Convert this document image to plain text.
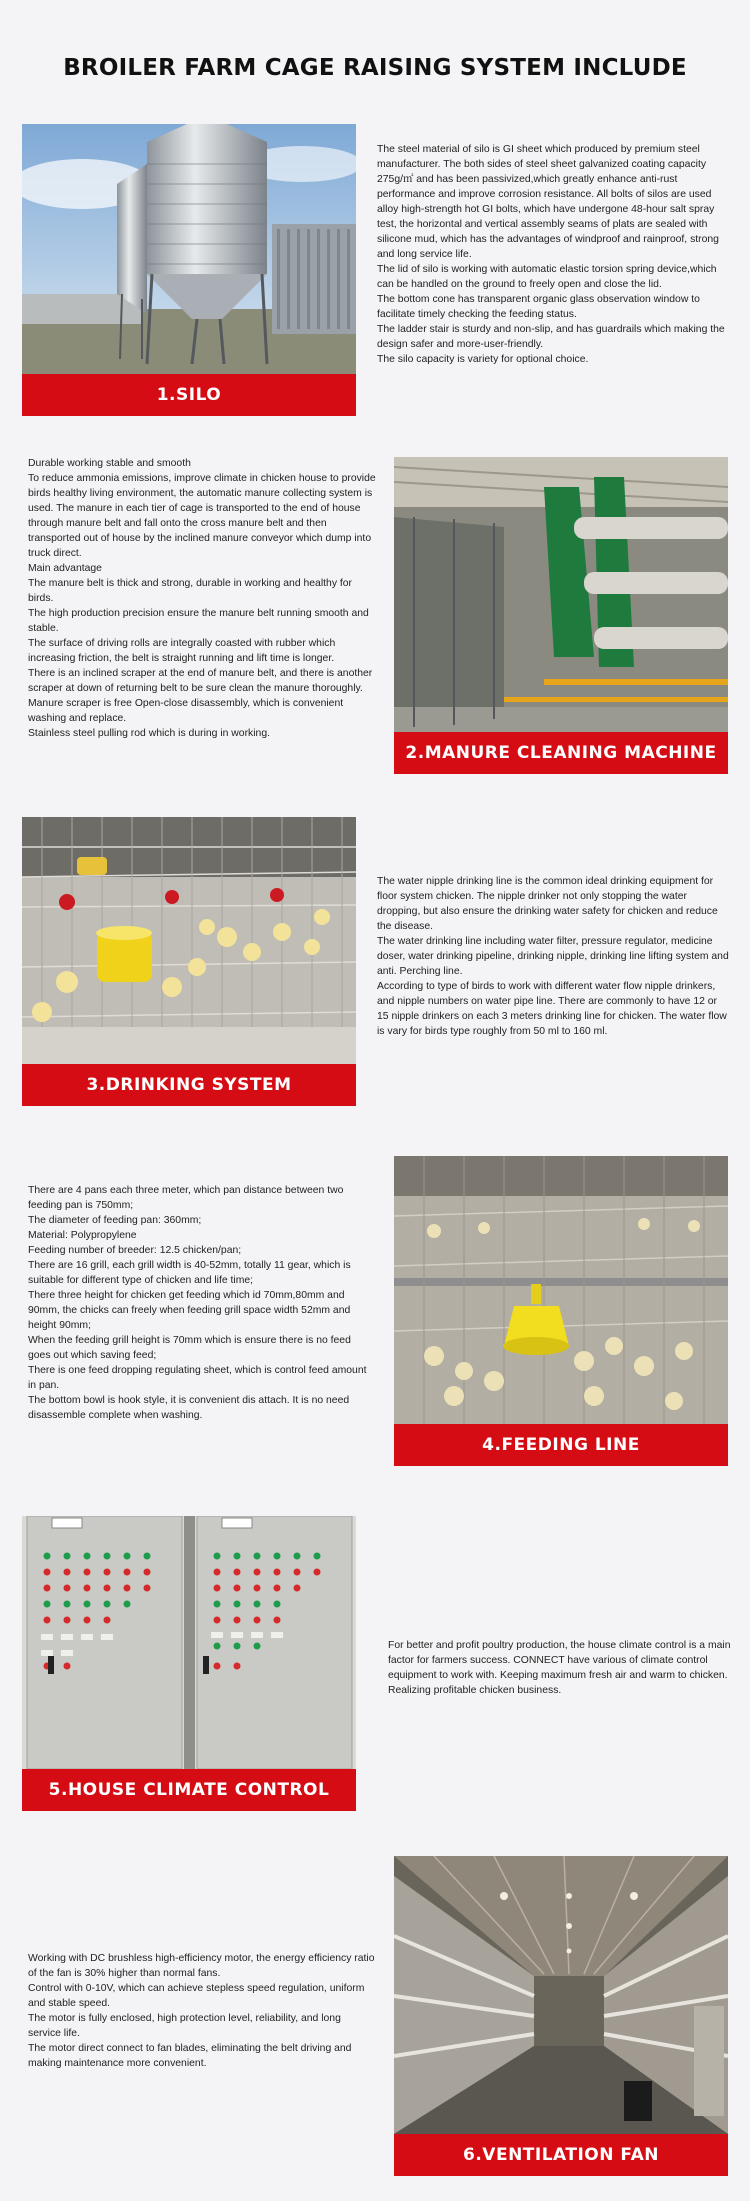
BROILER FARM CAGE RAISING SYSTEM INCLUDE
1.SILO

The steel material of silo is GI sheet which produced by premium steel manufacturer. The both sides of steel sheet galvanized coating capacity 275g/㎡ and has been passivized,which greatly enhance anti-rust performance and improve corrosion resistance. All bolts of silos are used alloy high-strength hot GI bolts, which have undergone 48-hour salt spray test, the horizontal and vertical assembly seams of plats are sealed with silicone mud, which has the advantages of windproof and rainproof, strong and long service life.

The lid of silo is working with automatic elastic torsion spring device,which can be handled on the ground to freely open and close the lid.

The bottom cone has transparent organic glass observation window to facilitate timely checking the feeding status.

The ladder stair is sturdy and non-slip, and has guardrails which making the design safer and more-user-friendly.

The silo capacity is variety for optional choice.

Durable working stable and smooth

To reduce ammonia emissions, improve climate in chicken house to provide birds healthy living environment, the automatic manure collecting system is used. The manure in each tier of cage is transported to the end of house through manure belt and fall onto the cross manure belt and then transported out of house by the inclined manure conveyor which dump into truck direct.

Main advantage

The manure belt is thick and strong, durable in working and healthy for birds.

The high production precision ensure the manure belt running smooth and stable.

The surface of driving rolls are integrally coasted with rubber which increasing friction, the belt is straight running and lift time is longer.

There is an inclined scraper at the end of manure belt, and there is another scraper at down of returning belt to be sure clean the manure thoroughly.

Manure scraper is free Open-close disassembly, which is convenient washing and replace.

Stainless steel pulling rod which is during in working.

2.MANURE CLEANING MACHINE
3.DRINKING SYSTEM

The water nipple drinking line is the common ideal drinking equipment for floor system chicken. The nipple drinker not only stopping the water dropping, but also ensure the drinking water safety for chicken and reduce the disease.

The water drinking line including water filter, pressure regulator, medicine doser, water drinking pipeline, drinking nipple, drinking line lifting system and anti. Perching line.

According to type of birds to work with different water flow nipple drinkers, and nipple numbers on water pipe line. There are commonly to have 12 or 15 nipple drinkers on each 3 meters drinking line for chicken. The water flow is vary for birds type roughly from 50 ml to 160 ml.

There are 4 pans each three meter, which pan distance between two feeding pan is 750mm;

The diameter of feeding pan: 360mm;

Material: Polypropylene

Feeding number of breeder: 12.5 chicken/pan;

There are 16 grill, each grill width is 40-52mm, totally 11 gear, which is suitable for different type of chicken and life time;

There three height for chicken get feeding which id 70mm,80mm and 90mm, the chicks can freely when feeding grill space width 52mm and height 90mm;

When the feeding grill height is 70mm which is ensure there is no feed goes out which saving feed;

There is one feed dropping regulating sheet, which is control feed amount in pan.

The bottom bowl is hook style, it is convenient dis attach. It is no need disassemble complete when washing.

4.FEEDING LINE
5.HOUSE CLIMATE CONTROL

For better and profit poultry production, the house climate control is a main factor for farmers success. CONNECT have various of climate control equipment to work with. Keeping maximum fresh air and warm to chicken. Realizing profitable chicken business.

Working with DC brushless high-efficiency motor, the energy efficiency ratio of the fan is 30% higher than normal fans.

Control with 0-10V, which can achieve stepless speed regulation, uniform and stable speed.

The motor is fully enclosed, high protection level, reliability, and long service life.

The motor direct connect to fan blades, eliminating the belt driving and making maintenance more convenient.

6.VENTILATION FAN
